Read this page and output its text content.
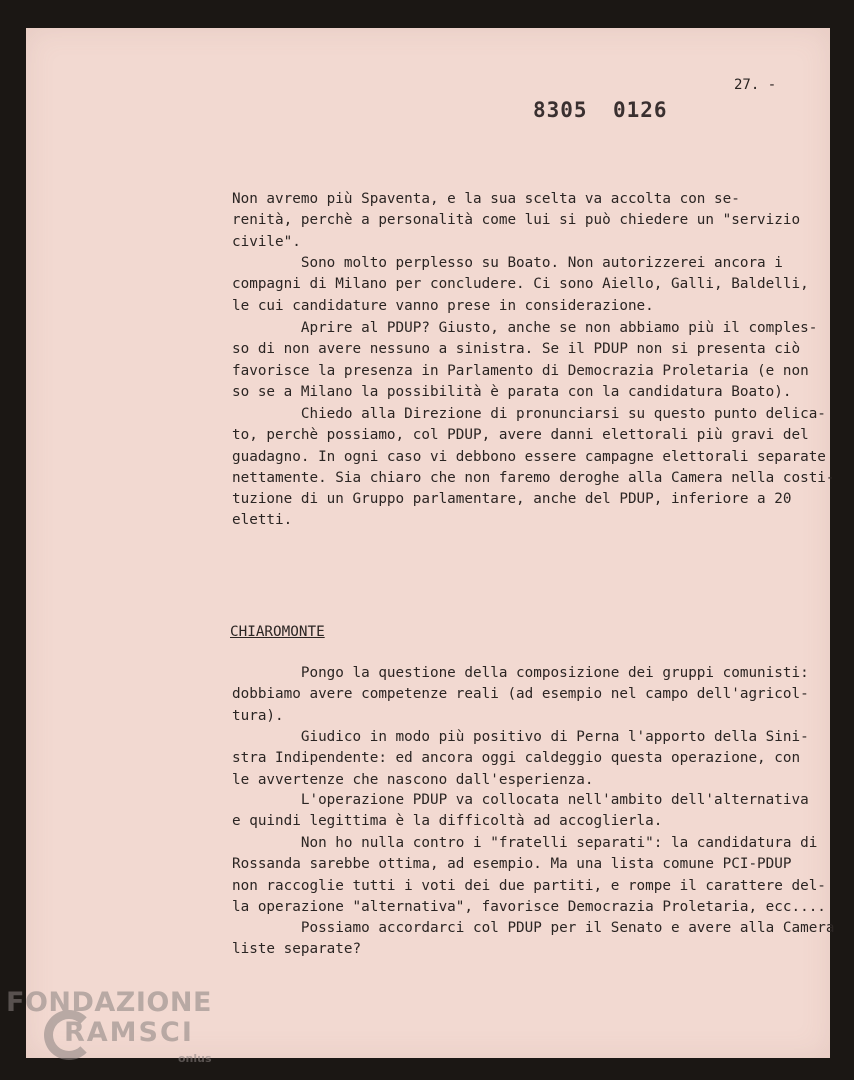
27. -
8305 0126
Non avremo più Spaventa, e la sua scelta va accolta con se-
renità, perchè a personalità come lui si può chiedere un "servizio
civile".
Sono molto perplesso su Boato. Non autorizzerei ancora i
compagni di Milano per concludere. Ci sono Aiello, Galli, Baldelli,
le cui candidature vanno prese in considerazione.
Aprire al PDUP? Giusto, anche se non abbiamo più il comples-
so di non avere nessuno a sinistra. Se il PDUP non si presenta ciò
favorisce la presenza in Parlamento di Democrazia Proletaria (e
so se a Milano la possibilità è parata con la candidatura Boato).
Chiedo alla Direzione di pronunciarsi su questo punto
to, perchè possiamo, col PDUP, avere danni elettorali più gravi
guadagno. In ogni caso vi debbono essere campagne elettorali separate
nettamente. Sia chiaro che non faremo deroghe alla Camera nella
tuzione di un Gruppo parlamentare, anche del PDUP, inferiore a 20
eletti.
CHIAROMONTE
Pongo la questione della composizione dei gruppi comunisti:
dobbiamo avere competenze reali (ad esempio nel campo dell'agricol-
tura).
Giudico in modo più positivo di Perna l'apporto della Sini-
stra Indipendente: ed ancora oggi caldeggio questa operazione, con
le avvertenze che nascono dall'esperienza.
L'operazione PDUP va collocata nell'ambito dell'alternativa
e quindi legittima è la difficoltà ad accoglierla.
Non ho nulla contro i "fratelli separati": la candidatura
Rossanda sarebbe ottima, ad esempio. Ma una lista comune PCI-PDUP
non raccoglie tutti i voti dei due partiti, e rompe il carattere
la operazione "alternativa", favorisce Democrazia Proletaria,
Possiamo accordarci col PDUP per il Senato e avere alla
liste separate?
FONDAZIONE
RAMSCI
onlus
